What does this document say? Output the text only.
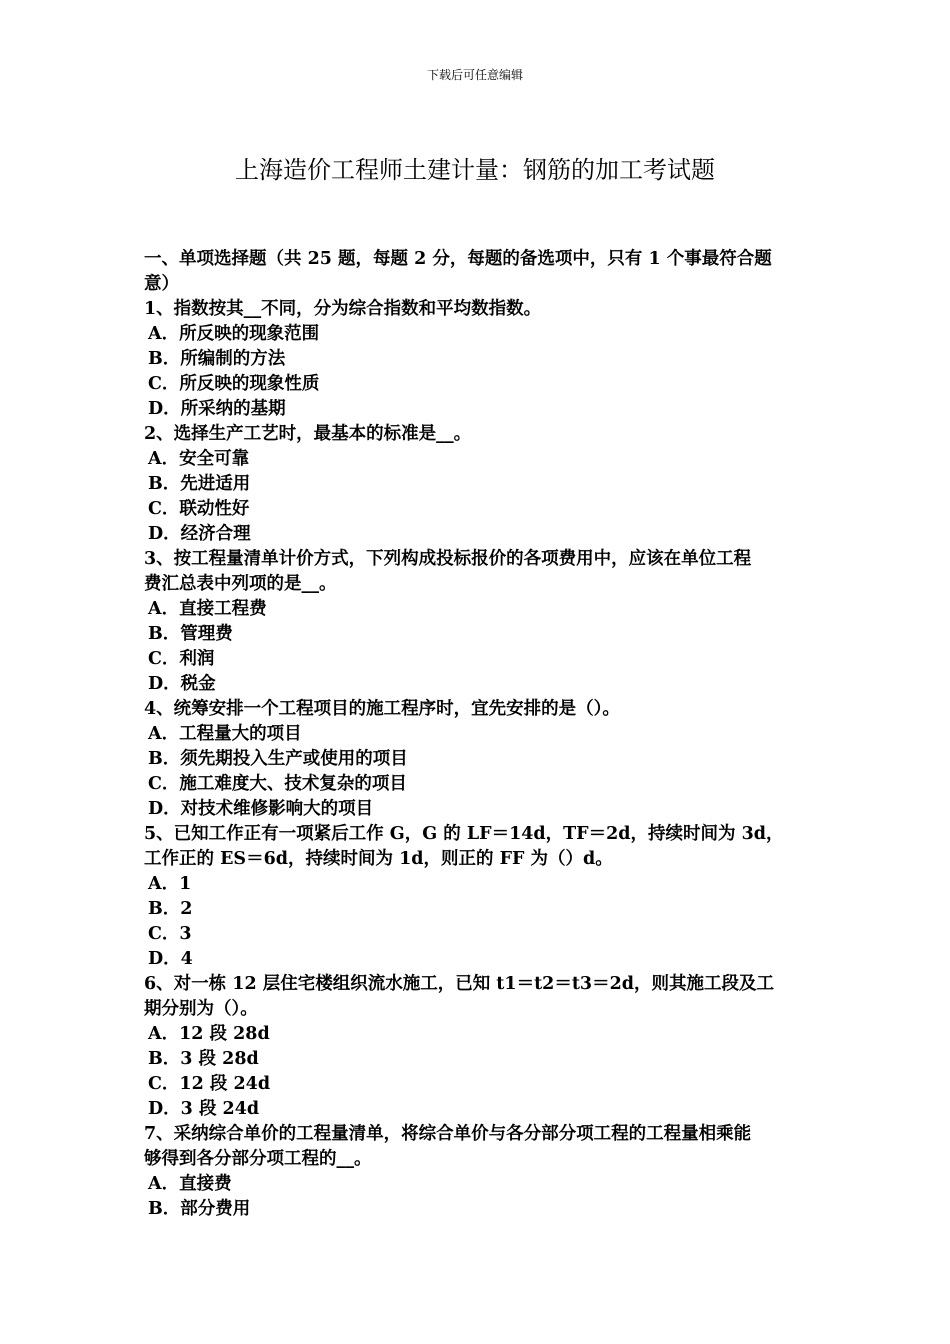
下载后可任意编辑
上海造价工程师土建计量：钢筋的加工考试题
一、单项选择题（共 25 题，每题 2 分，每题的备选项中，只有 1 个事最符合题
意）
1、指数按其__不同，分为综合指数和平均数指数。
A．所反映的现象范围
B．所编制的方法
C．所反映的现象性质
D．所采纳的基期
2、选择生产工艺时，最基本的标准是__。
A．安全可靠
B．先进适用
C．联动性好
D．经济合理
3、按工程量清单计价方式，下列构成投标报价的各项费用中，应该在单位工程
费汇总表中列项的是__。
A．直接工程费
B．管理费
C．利润
D．税金
4、统筹安排一个工程项目的施工程序时，宜先安排的是（）。
A．工程量大的项目
B．须先期投入生产或使用的项目
C．施工难度大、技术复杂的项目
D．对技术维修影响大的项目
5、已知工作正有一项紧后工作 G，G 的 LF＝14d，TF＝2d，持续时间为 3d，
工作正的 ES＝6d，持续时间为 1d，则正的 FF 为（）d。
A．1
B．2
C．3
D．4
6、对一栋 12 层住宅楼组织流水施工，已知 t1＝t2＝t3＝2d，则其施工段及工
期分别为（）。
A．12 段 28d
B．3 段 28d
C．12 段 24d
D．3 段 24d
7、采纳综合单价的工程量清单，将综合单价与各分部分项工程的工程量相乘能
够得到各分部分项工程的__。
A．直接费
B．部分费用
